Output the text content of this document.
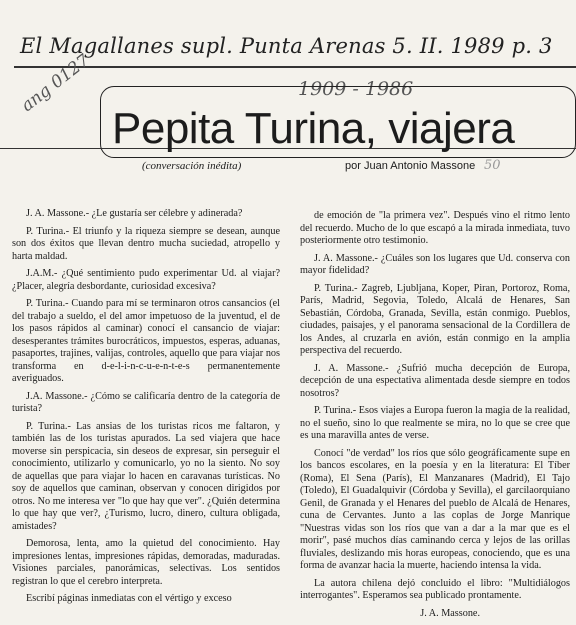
El Magallanes supl. Punta Arenas 5. II. 1989 p. 3
ang 0127	1909 - 1986
Pepita Turina, viajera

(conversación inédita)	por Juan Antonio Massone 50

J. A. Massone.- ¿Le gustaría ser célebre y adinerada?

P. Turina.- El triunfo y la riqueza siempre se desean, aunque son dos éxitos que llevan dentro mucha suciedad, atropello y harta maldad.

J.A.M.- ¿Qué sentimiento pudo experimentar Ud. al viajar? ¿Placer, alegría desbordante, curiosidad excesiva?

P. Turina.- Cuando para mí se terminaron otros cansancios (el del trabajo a sueldo, el del amor impetuoso de la juventud, el de los pasos rápidos al caminar) conocí el cansancio de viajar: desesperantes trámites burocráticos, impuestos, esperas, aduanas, pasaportes, trajines, valijas, controles, aquello que para viajar nos transforma en d-e-l-i-n-c-u-e-n-t-e-s permanentemente averiguados.

J.A. Massone.- ¿Cómo se calificaría dentro de la categoría de turista?

P. Turina.- Las ansias de los turistas ricos me faltaron, y también las de los turistas apurados. La sed viajera que hace moverse sin perspicacia, sin deseos de expresar, sin perseguir el conocimiento, utilizarlo y comunicarlo, yo no la siento. No soy de aquellas que para viajar lo hacen en caravanas turísticas. No soy de aquellos que caminan, observan y conocen dirigidos por otros. No me interesa ver "lo que hay que ver". ¿Quién determina lo que hay que ver?, ¿Turismo, lucro, dinero, cultura obligada, amistades?

Demorosa, lenta, amo la quietud del conocimiento. Hay impresiones lentas, impresiones rápidas, demoradas, maduradas. Visiones parciales, panorámicas, selectivas. Los sentidos registran lo que el cerebro interpreta.

Escribí páginas inmediatas con el vértigo y exceso

de emoción de "la primera vez". Después vino el ritmo lento del recuerdo. Mucho de lo que escapó a la mirada inmediata, tuvo posteriormente otro testimonio.

J. A. Massone.- ¿Cuáles son los lugares que Ud. conserva con mayor fidelidad?

P. Turina.- Zagreb, Ljubljana, Koper, Piran, Portoroz, Roma, París, Madrid, Segovia, Toledo, Alcalá de Henares, San Sebastián, Córdoba, Granada, Sevilla, están conmigo. Pueblos, ciudades, paisajes, y el panorama sensacional de la Cordillera de los Andes, al cruzarla en avión, están conmigo en la amplia perspectiva del recuerdo.

J. A. Massone.- ¿Sufrió mucha decepción de Europa, decepción de una espectativa alimentada desde siempre en todos nosotros?

P. Turina.- Esos viajes a Europa fueron la magia de la realidad, no el sueño, sino lo que realmente se mira, no lo que se cree que es una maravilla antes de verse.

Conocí "de verdad" los ríos que sólo geográficamente supe en los bancos escolares, en la poesía y en la literatura: El Tíber (Roma), El Sena (París), El Manzanares (Madrid), El Tajo (Toledo), El Guadalquivir (Córdoba y Sevilla), el garcilaorquiano Genil, de Granada y el Henares del pueblo de Alcalá de Henares, cuna de Cervantes. Junto a las coplas de Jorge Manrique "Nuestras vidas son los ríos que van a dar a la mar que es el morir", pasé muchos días caminando cerca y lejos de las orillas fluviales, deslizando mis horas europeas, conociendo, que es una forma de avanzar hacia la muerte, haciendo intensa la vida.

La autora chilena dejó concluido el libro: "Multidiálogos interrogantes". Esperamos sea publicado prontamente.

J. A. Massone.
